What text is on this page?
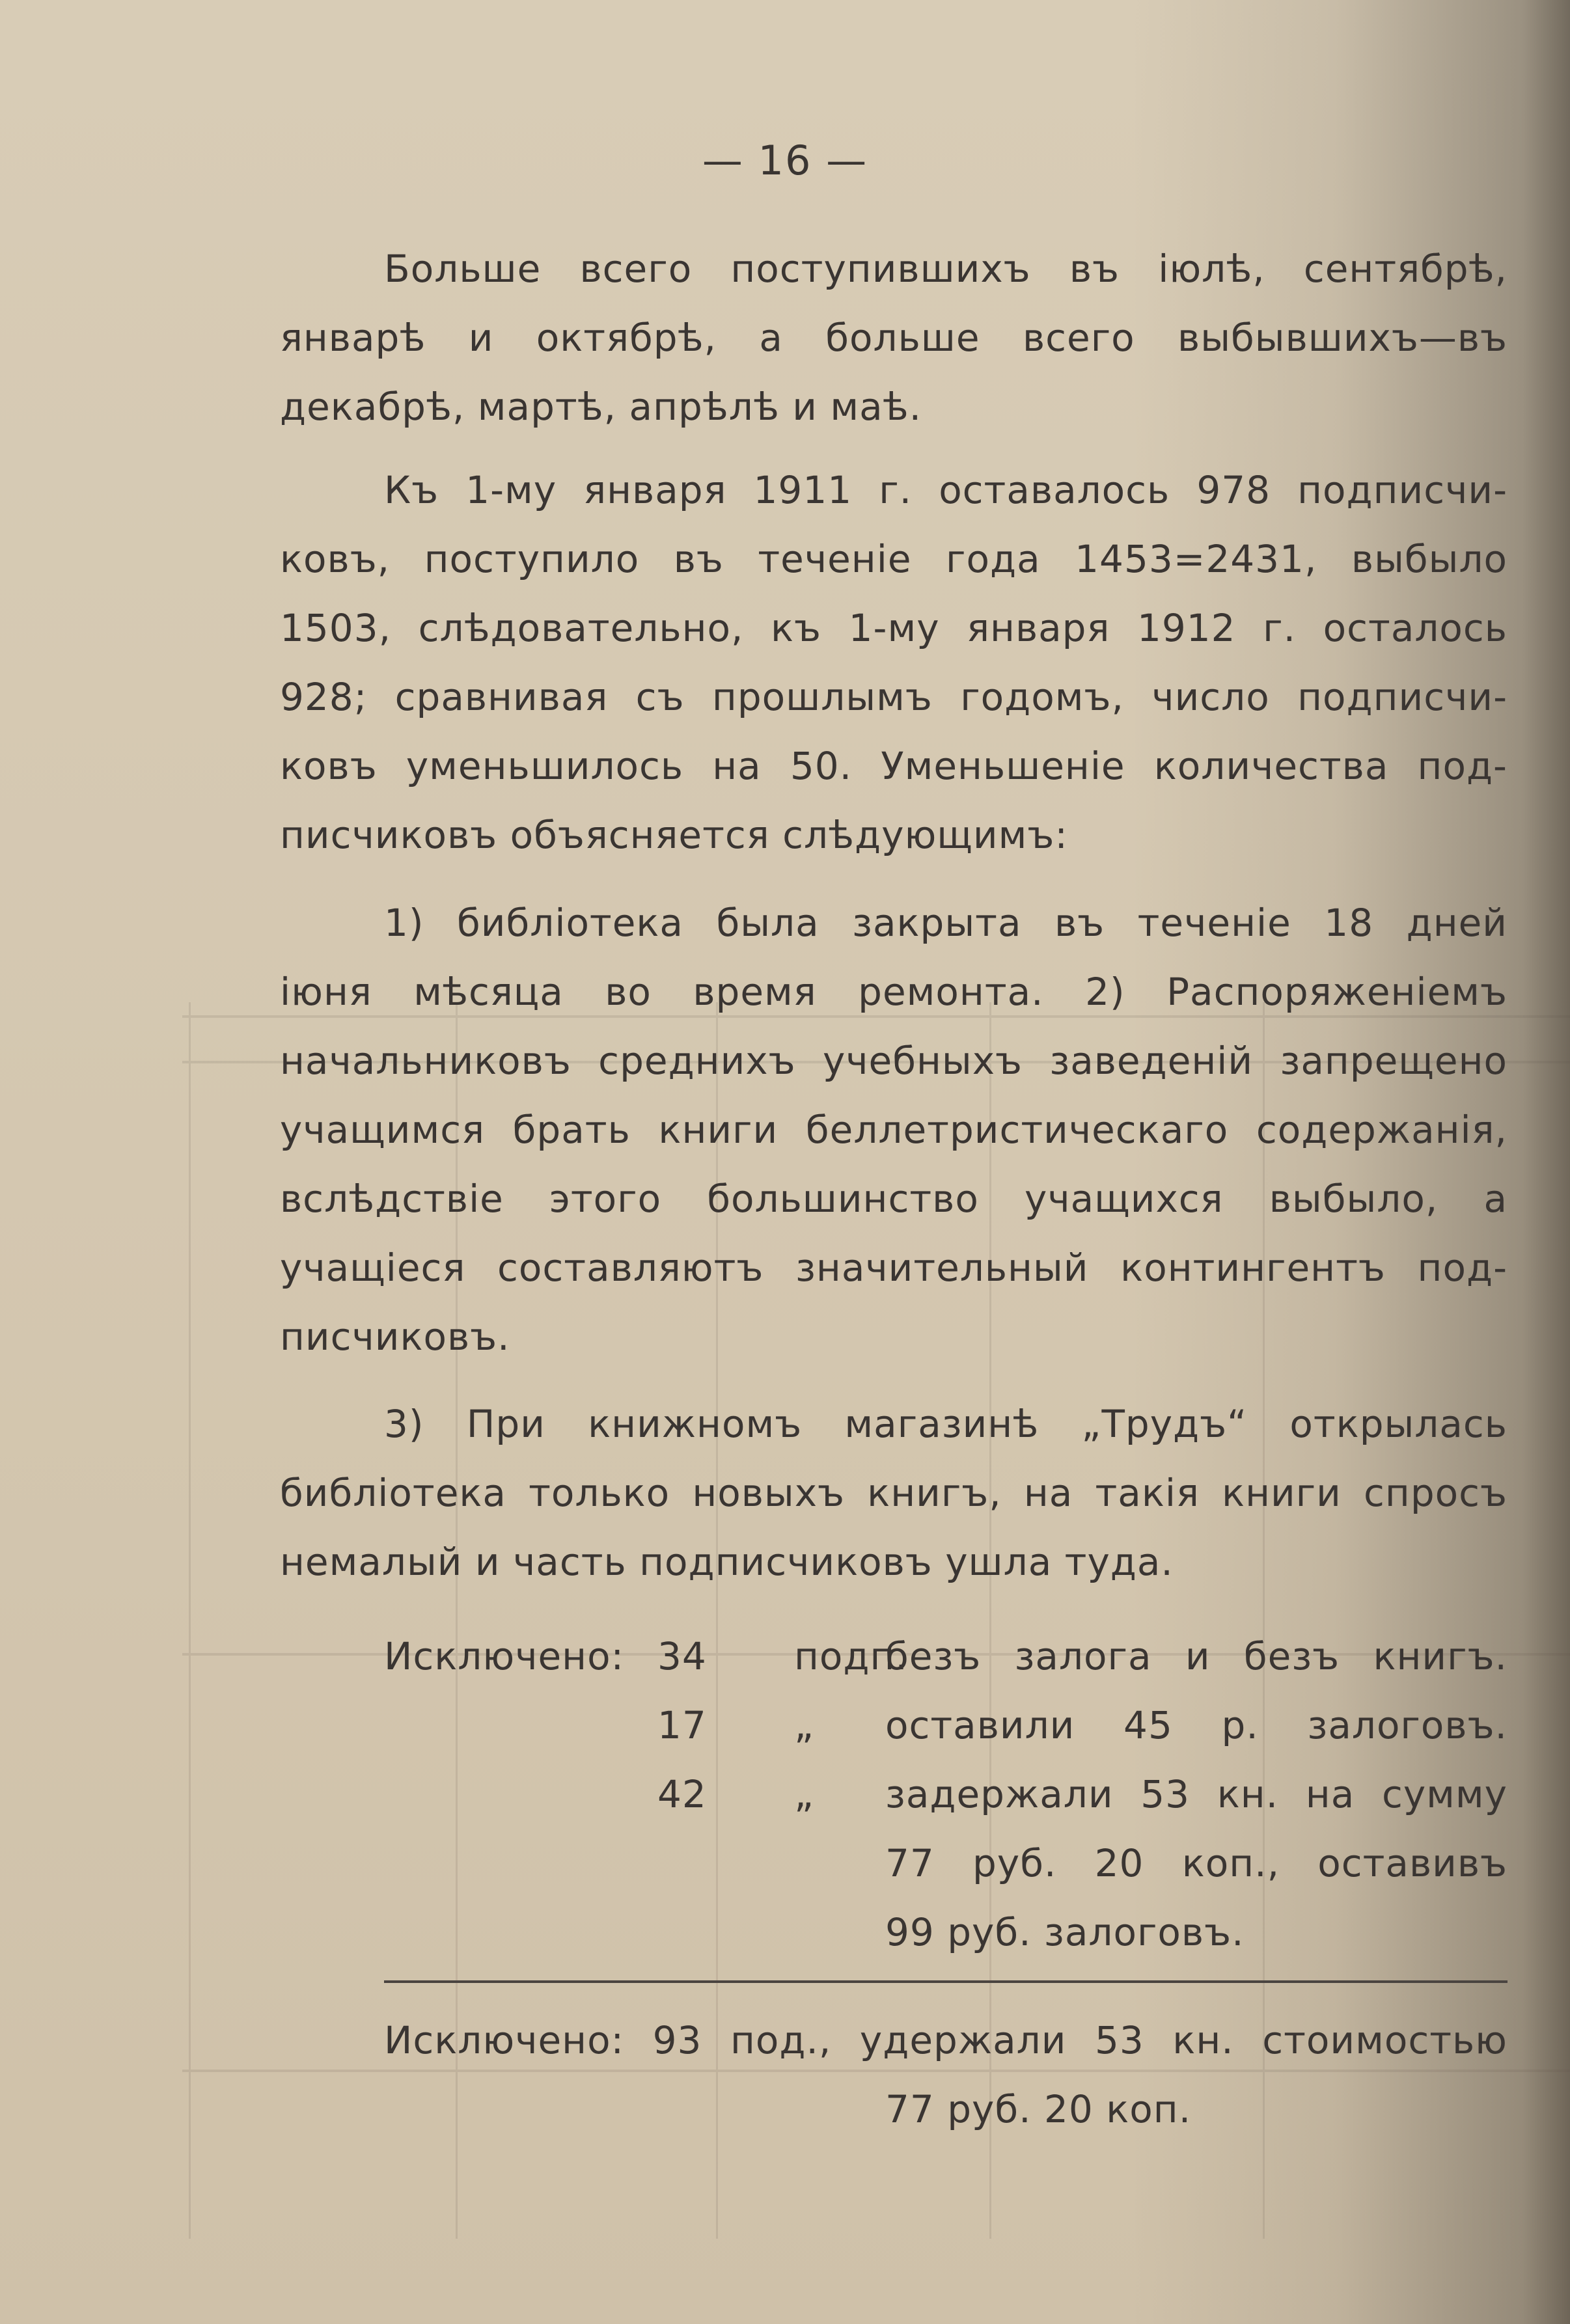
— 16 —
Больше всего поступившихъ въ іюлѣ, сентябрѣ,
январѣ и октябрѣ, а больше всего выбывшихъ—въ
декабрѣ, мартѣ, апрѣлѣ и маѣ.
Къ 1-му января 1911 г. оставалось 978 подписчи-
ковъ, поступило въ теченіе года 1453=2431, выбыло
1503, слѣдовательно, къ 1-му января 1912 г. осталось
928; сравнивая съ прошлымъ годомъ, число подписчи-
ковъ уменьшилось на 50. Уменьшеніе количества под-
писчиковъ объясняется слѣдующимъ:
1) библіотека была закрыта въ теченіе 18 дней
іюня мѣсяца во время ремонта. 2) Распоряженіемъ
начальниковъ среднихъ учебныхъ заведеній запрещено
учащимся брать книги беллетристическаго содержанія,
вслѣдствіе этого большинство учащихся выбыло, а
учащіеся составляютъ значительный контингентъ под-
писчиковъ.
3) При книжномъ магазинѣ „Трудъ“ открылась
библіотека только новыхъ книгъ, на такія книги спросъ
немалый и часть подписчиковъ ушла туда.
Исключено: 34 подп.
безъ залога и безъ книгъ.
17 „ оставили 45 р. залоговъ.
42 „ задержали 53 кн. на сумму
77 руб. 20 коп., оставивъ
99 руб. залоговъ.
Исключено: 93 под., удержали 53 кн. стоимостью
77 руб. 20 коп.
